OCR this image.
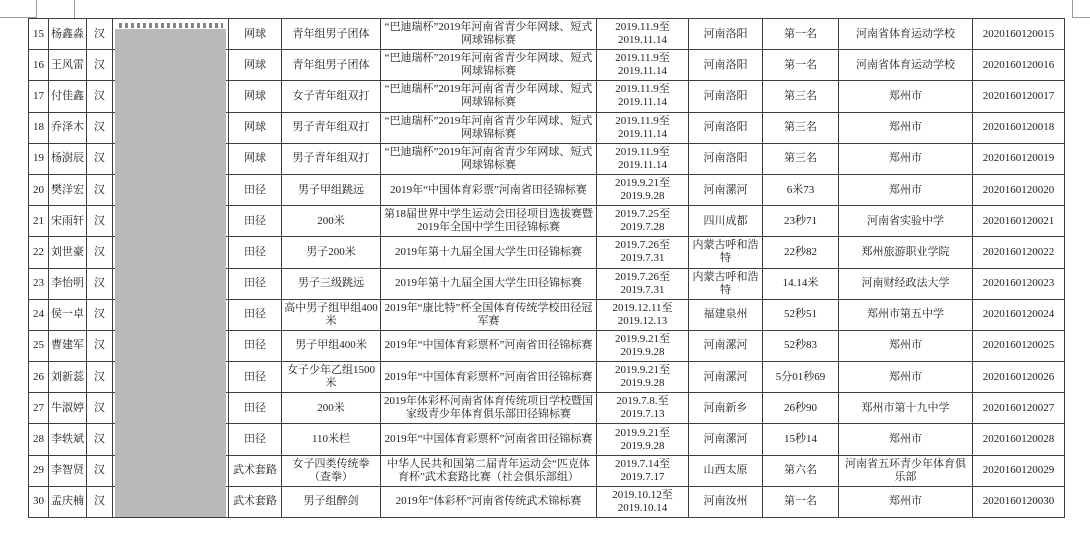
15	杨鑫淼	汉		网球	青年组男子团体	“巴迪瑞杯”2019年河南省青少年网球、短式网球锦标赛	2019.11.9至
2019.11.14	河南洛阳	第一名	河南省体育运动学校	2020160120015
16	王风雷	汉		网球	青年组男子团体	“巴迪瑞杯”2019年河南省青少年网球、短式网球锦标赛	2019.11.9至
2019.11.14	河南洛阳	第一名	河南省体育运动学校	2020160120016
17	付佳鑫	汉		网球	女子青年组双打	“巴迪瑞杯”2019年河南省青少年网球、短式网球锦标赛	2019.11.9至
2019.11.14	河南洛阳	第三名	郑州市	2020160120017
18	乔泽木	汉		网球	男子青年组双打	“巴迪瑞杯”2019年河南省青少年网球、短式网球锦标赛	2019.11.9至
2019.11.14	河南洛阳	第三名	郑州市	2020160120018
19	杨澍辰	汉		网球	男子青年组双打	“巴迪瑞杯”2019年河南省青少年网球、短式网球锦标赛	2019.11.9至
2019.11.14	河南洛阳	第三名	郑州市	2020160120019
20	樊洋宏	汉		田径	男子甲组跳远	2019年“中国体育彩票”河南省田径锦标赛	2019.9.21至
2019.9.28	河南漯河	6米73	郑州市	2020160120020
21	宋雨轩	汉		田径	200米	第18届世界中学生运动会田径项目选拔赛暨2019年全国中学生田径锦标赛	2019.7.25至
2019.7.28	四川成都	23秒71	河南省实验中学	2020160120021
22	刘世豪	汉		田径	男子200米	2019年第十九届全国大学生田径锦标赛	2019.7.26至
2019.7.31	内蒙古呼和浩特	22秒82	郑州旅游职业学院	2020160120022
23	李怡明	汉		田径	男子三级跳远	2019年第十九届全国大学生田径锦标赛	2019.7.26至
2019.7.31	内蒙古呼和浩特	14.14米	河南财经政法大学	2020160120023
24	侯一卓	汉		田径	高中男子组甲组400米	2019年“康比特”杯全国体育传统学校田径冠军赛	2019.12.11至
2019.12.13	福建泉州	52秒51	郑州市第五中学	2020160120024
25	曹建军	汉		田径	男子甲组400米	2019年“中国体育彩票杯”河南省田径锦标赛	2019.9.21至
2019.9.28	河南漯河	52秒83	郑州市	2020160120025
26	刘新蕊	汉		田径	女子少年乙组1500米	2019年“中国体育彩票杯”河南省田径锦标赛	2019.9.21至
2019.9.28	河南漯河	5分01秒69	郑州市	2020160120026
27	牛淑婷	汉		田径	200米	2019年体彩杯河南省体育传统项目学校暨国家级青少年体育俱乐部田径锦标赛	2019.7.8.至
2019.7.13	河南新乡	26秒90	郑州市第十九中学	2020160120027
28	李轶斌	汉		田径	110米栏	2019年“中国体育彩票杯”河南省田径锦标赛	2019.9.21至
2019.9.28	河南漯河	15秒14	郑州市	2020160120028
29	李智贤	汉		武术套路	女子四类传统拳（查拳）	中华人民共和国第二届青年运动会“匹克体育杯”武术套路比赛（社会俱乐部组）	2019.7.14至
2019.7.17	山西太原	第六名	河南省五环青少年体育俱乐部	2020160120029
30	孟庆楠	汉		武术套路	男子组醉剑	2019年“体彩杯”河南省传统武术锦标赛	2019.10.12至
2019.10.14	河南汝州	第一名	郑州市	2020160120030
